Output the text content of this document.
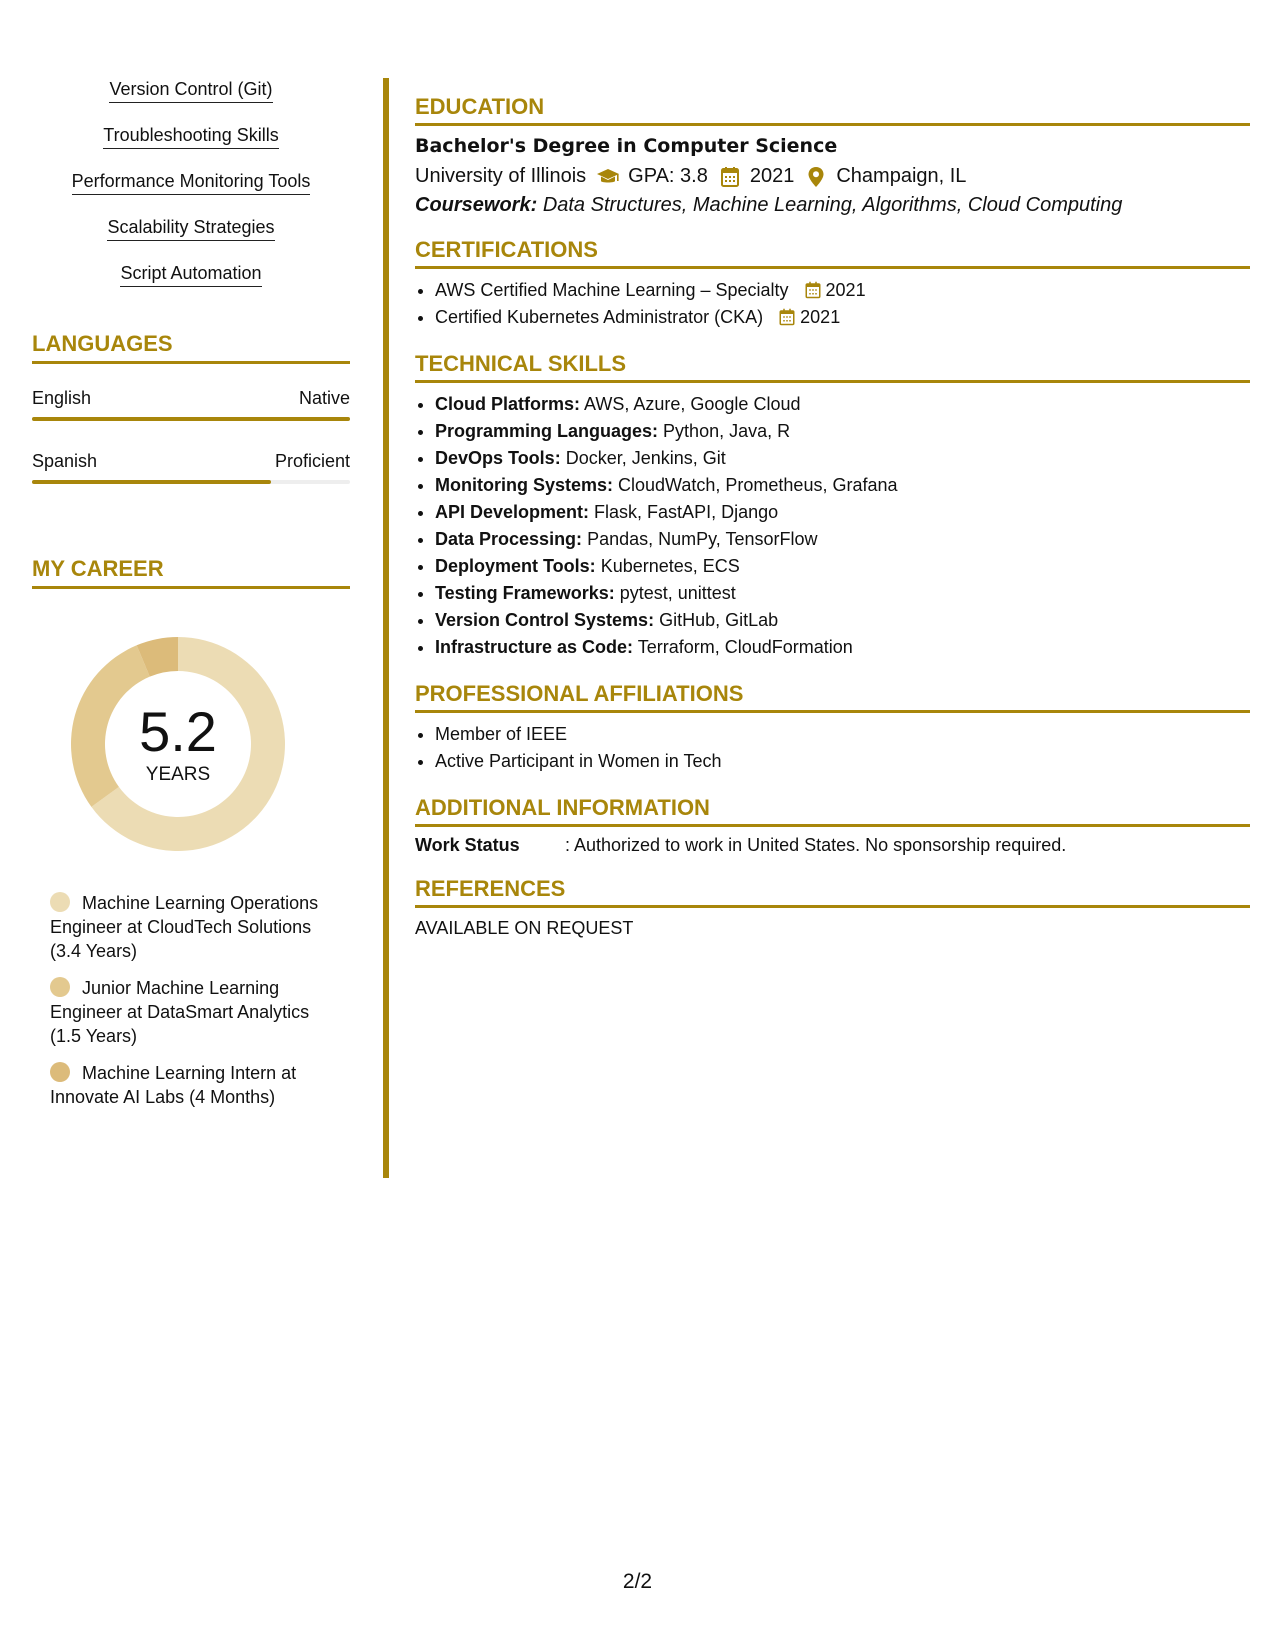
Version Control (Git)
Troubleshooting Skills
Performance Monitoring Tools
Scalability Strategies
Script Automation
LANGUAGES
English	Native
Spanish	Proficient
MY CAREER
5.2
YEARS
Machine Learning Operations Engineer at CloudTech Solutions (3.4 Years)
Junior Machine Learning Engineer at DataSmart Analytics (1.5 Years)
Machine Learning Intern at Innovate AI Labs (4 Months)
EDUCATION
Bachelor's Degree in Computer Science
University of Illinois GPA: 3.8 2021 Champaign, IL
Coursework: Data Structures, Machine Learning, Algorithms, Cloud Computing
CERTIFICATIONS
• AWS Certified Machine Learning – Specialty 2021
• Certified Kubernetes Administrator (CKA) 2021
TECHNICAL SKILLS
• Cloud Platforms: AWS, Azure, Google Cloud
• Programming Languages: Python, Java, R
• DevOps Tools: Docker, Jenkins, Git
• Monitoring Systems: CloudWatch, Prometheus, Grafana
• API Development: Flask, FastAPI, Django
• Data Processing: Pandas, NumPy, TensorFlow
• Deployment Tools: Kubernetes, ECS
• Testing Frameworks: pytest, unittest
• Version Control Systems: GitHub, GitLab
• Infrastructure as Code: Terraform, CloudFormation
PROFESSIONAL AFFILIATIONS
• Member of IEEE
• Active Participant in Women in Tech
ADDITIONAL INFORMATION
Work Status	: Authorized to work in United States. No sponsorship required.
REFERENCES
AVAILABLE ON REQUEST
2/2
